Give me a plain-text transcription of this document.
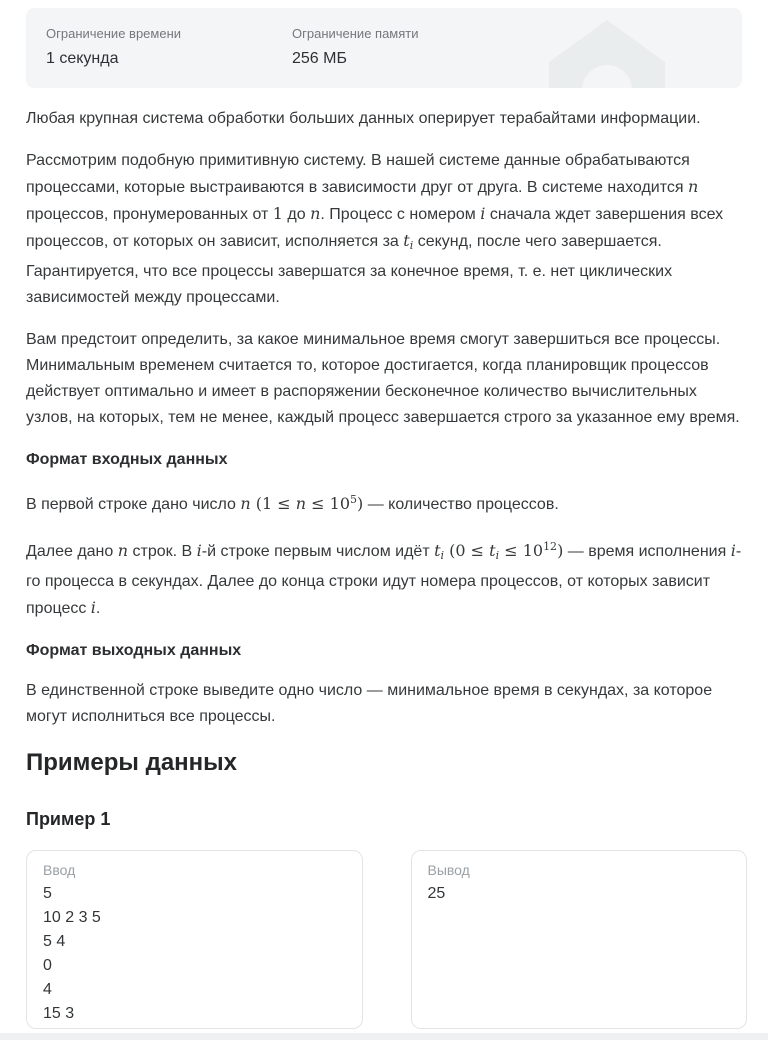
Ограничение времени
1 секунда
Ограничение памяти
256 МБ

Любая крупная система обработки больших данных оперирует терабайтами информации.

Рассмотрим подобную примитивную систему. В нашей системе данные обрабатываются процессами, которые выстраиваются в зависимости друг от друга. В системе находится n процессов, пронумерованных от 1 до n. Процесс с номером i сначала ждет завершения всех процессов, от которых он зависит, исполняется за ti секунд, после чего завершается. Гарантируется, что все процессы завершатся за конечное время, т. е. нет циклических зависимостей между процессами.

Вам предстоит определить, за какое минимальное время смогут завершиться все процессы. Минимальным временем считается то, которое достигается, когда планировщик процессов действует оптимально и имеет в распоряжении бесконечное количество вычислительных узлов, на которых, тем не менее, каждый процесс завершается строго за указанное ему время.

Формат входных данных

В первой строке дано число n $(1 \le n \le 10^5)$ — количество процессов.

Далее дано n строк. В i-й строке первым числом идёт ti (0 ≤ ti ≤ $10^{12}$) — время исполнения i-го процесса в секундах. Далее до конца строки идут номера процессов, от которых зависит процесс i.

Формат выходных данных

В единственной строке выведите одно число — минимальное время в секундах, за которое могут исполниться все процессы.

Примеры данных
Пример 1
Ввод
5
10 2 3 5
5 4
0
4
15 3
Вывод
25
